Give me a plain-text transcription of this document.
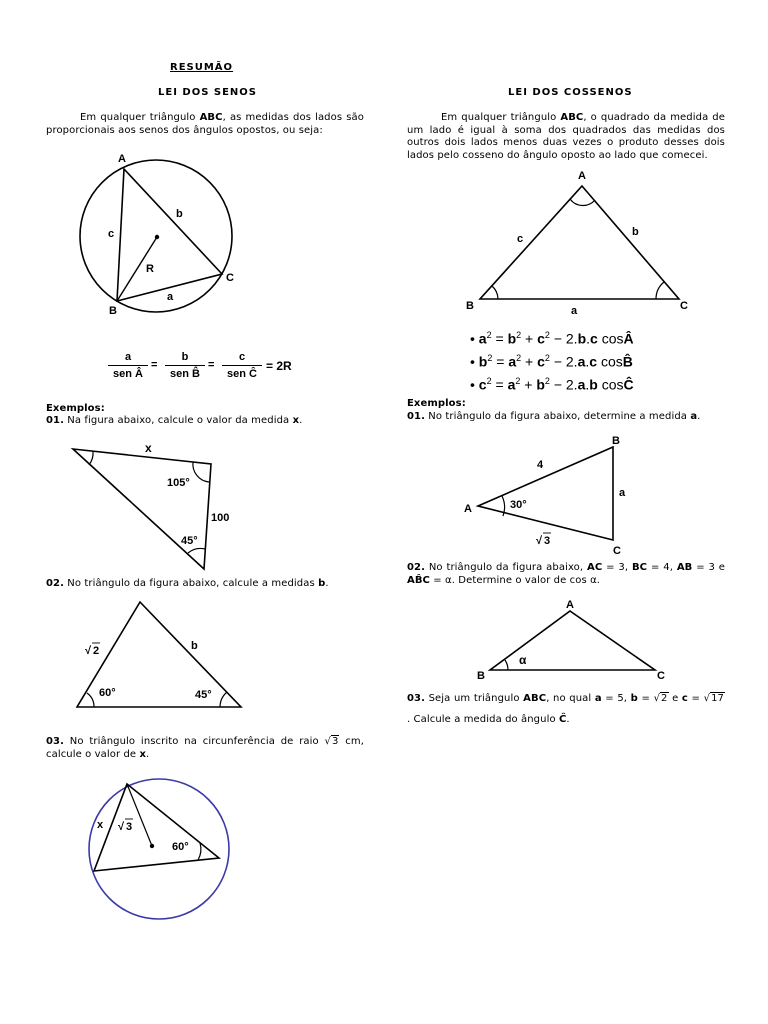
RESUMÃO
LEI DOS SENOS
Em qualquer triângulo ABC, as medidas dos lados são proporcionais aos senos dos ângulos opostos, ou seja:
A
B
C
c
b
a
R
a
sen Â
=
b
sen B̂
=
c
sen Ĉ
= 2R
Exemplos:
01. Na figura abaixo, calcule o valor da medida x.
x
105°
100
45°
02. No triângulo da figura abaixo, calcule a medidas b.
√ 2	b
60°	45°
03. No triângulo inscrito na circunferência de raio √3 cm, calcule o valor de x.
x √ 3
60°
LEI DOS COSSENOS
Em qualquer triângulo ABC, o quadrado da medida de um lado é igual à soma dos quadrados das medidas dos outros dois lados menos duas vezes o produto desses dois lados pelo cosseno do ângulo oposto ao lado que comecei.
A
B	C
c
b
a
• $a^2 = b^2 + c^2 - 2.b.c$ cosÂ
• $b^2 = a^2 + c^2 - 2.a.c$ cosB̂
• $c^2 = a^2 + b^2 - 2.a.b$ cosĈ
Exemplos:
01. No triângulo da figura abaixo, determine a medida a.
B
4
a
A	30°
√ 3
C
02. No triângulo da figura abaixo, AC = 3, BC = 4, AB = 3 e AB̂C = α. Determine o valor de cos α.
A
B	C
α
03. Seja um triângulo ABC, no qual a = 5, b = √2 e c = √17 . Calcule a medida do ângulo Ĉ.
